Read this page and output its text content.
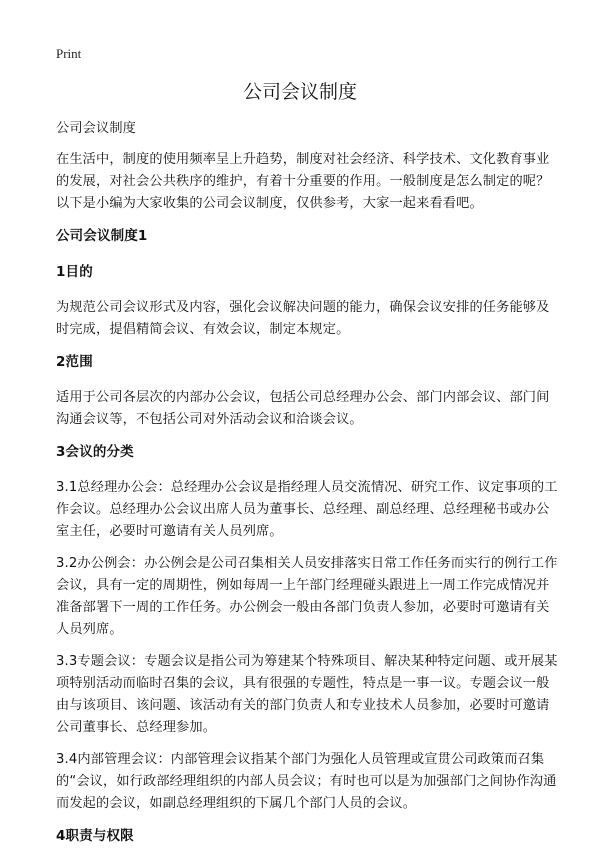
Print
公司会议制度

公司会议制度

在生活中，制度的使用频率呈上升趋势，制度对社会经济、科学技术、文化教育事业的发展，对社会公共秩序的维护，有着十分重要的作用。一般制度是怎么制定的呢？以下是小编为大家收集的公司会议制度，仅供参考，大家一起来看看吧。

公司会议制度1

1目的

为规范公司会议形式及内容，强化会议解决问题的能力，确保会议安排的任务能够及时完成，提倡精简会议、有效会议，制定本规定。

2范围

适用于公司各层次的内部办公会议，包括公司总经理办公会、部门内部会议、部门间沟通会议等，不包括公司对外活动会议和洽谈会议。

3会议的分类

3.1总经理办公会：总经理办公会议是指经理人员交流情况、研究工作、议定事项的工作会议。总经理办公会议出席人员为董事长、总经理、副总经理、总经理秘书或办公室主任，必要时可邀请有关人员列席。

3.2办公例会：办公例会是公司召集相关人员安排落实日常工作任务而实行的例行工作会议，具有一定的周期性，例如每周一上午部门经理碰头跟进上一周工作完成情况并准备部署下一周的工作任务。办公例会一般由各部门负责人参加，必要时可邀请有关人员列席。

3.3专题会议：专题会议是指公司为筹建某个特殊项目、解决某种特定问题、或开展某项特别活动而临时召集的会议，具有很强的专题性，特点是一事一议。专题会议一般由与该项目、该问题、该活动有关的部门负责人和专业技术人员参加，必要时可邀请公司董事长、总经理参加。

3.4内部管理会议：内部管理会议指某个部门为强化人员管理或宣贯公司政策而召集的“会议，如行政部经理组织的内部人员会议；有时也可以是为加强部门之间协作沟通而发起的会议，如副总经理组织的下属几个部门人员的会议。

4职责与权限
